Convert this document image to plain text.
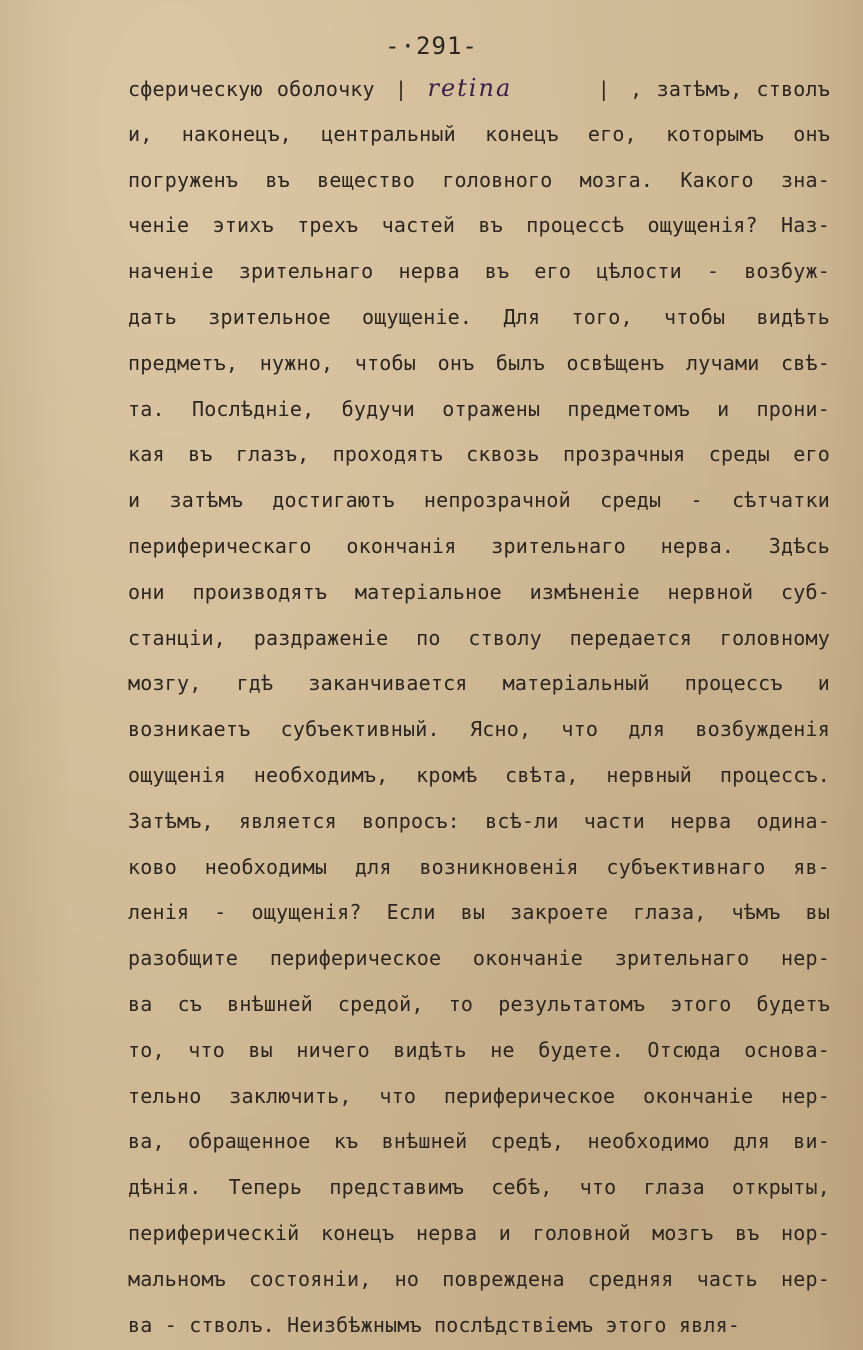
-·291-
сферическую оболочку | retina	| , затѣмъ, стволъ
и, наконецъ, центральный конецъ его, которымъ онъ
погруженъ въ вещество головного мозга. Какого зна-
ченіе этихъ трехъ частей въ процессѣ ощущенія? Наз-
наченіе зрительнаго нерва въ его цѣлости - возбуж-
дать зрительное ощущеніе. Для того, чтобы видѣть
предметъ, нужно, чтобы онъ былъ освѣщенъ лучами свѣ-
та. Послѣдніе, будучи отражены предметомъ и прони-
кая въ глазъ, проходятъ сквозь прозрачныя среды его
и затѣмъ достигаютъ непрозрачной среды - сѣтчатки
периферическаго окончанія зрительнаго нерва. Здѣсь
они производятъ матеріальное измѣненіе нервной суб-
станціи, раздраженіе по стволу передается головному
мозгу, гдѣ заканчивается матеріальный процессъ и
возникаетъ субъективный. Ясно, что для возбужденія
ощущенія необходимъ, кромѣ свѣта, нервный процессъ.
Затѣмъ, является вопросъ: всѣ-ли части нерва одина-
ково необходимы для возникновенія субъективнаго яв-
ленія - ощущенія? Если вы закроете глаза, чѣмъ вы
разобщите периферическое окончаніе зрительнаго нер-
ва съ внѣшней средой, то результатомъ этого будетъ
то, что вы ничего видѣть не будете. Отсюда основа-
тельно заключить, что периферическое окончаніе нер-
ва, обращенное къ внѣшней средѣ, необходимо для ви-
дѣнія. Теперь представимъ себѣ, что глаза открыты,
периферическій конецъ нерва и головной мозгъ въ нор-
мальномъ состояніи, но повреждена средняя часть нер-
ва - стволъ. Неизбѣжнымъ послѣдствіемъ этого явля-
